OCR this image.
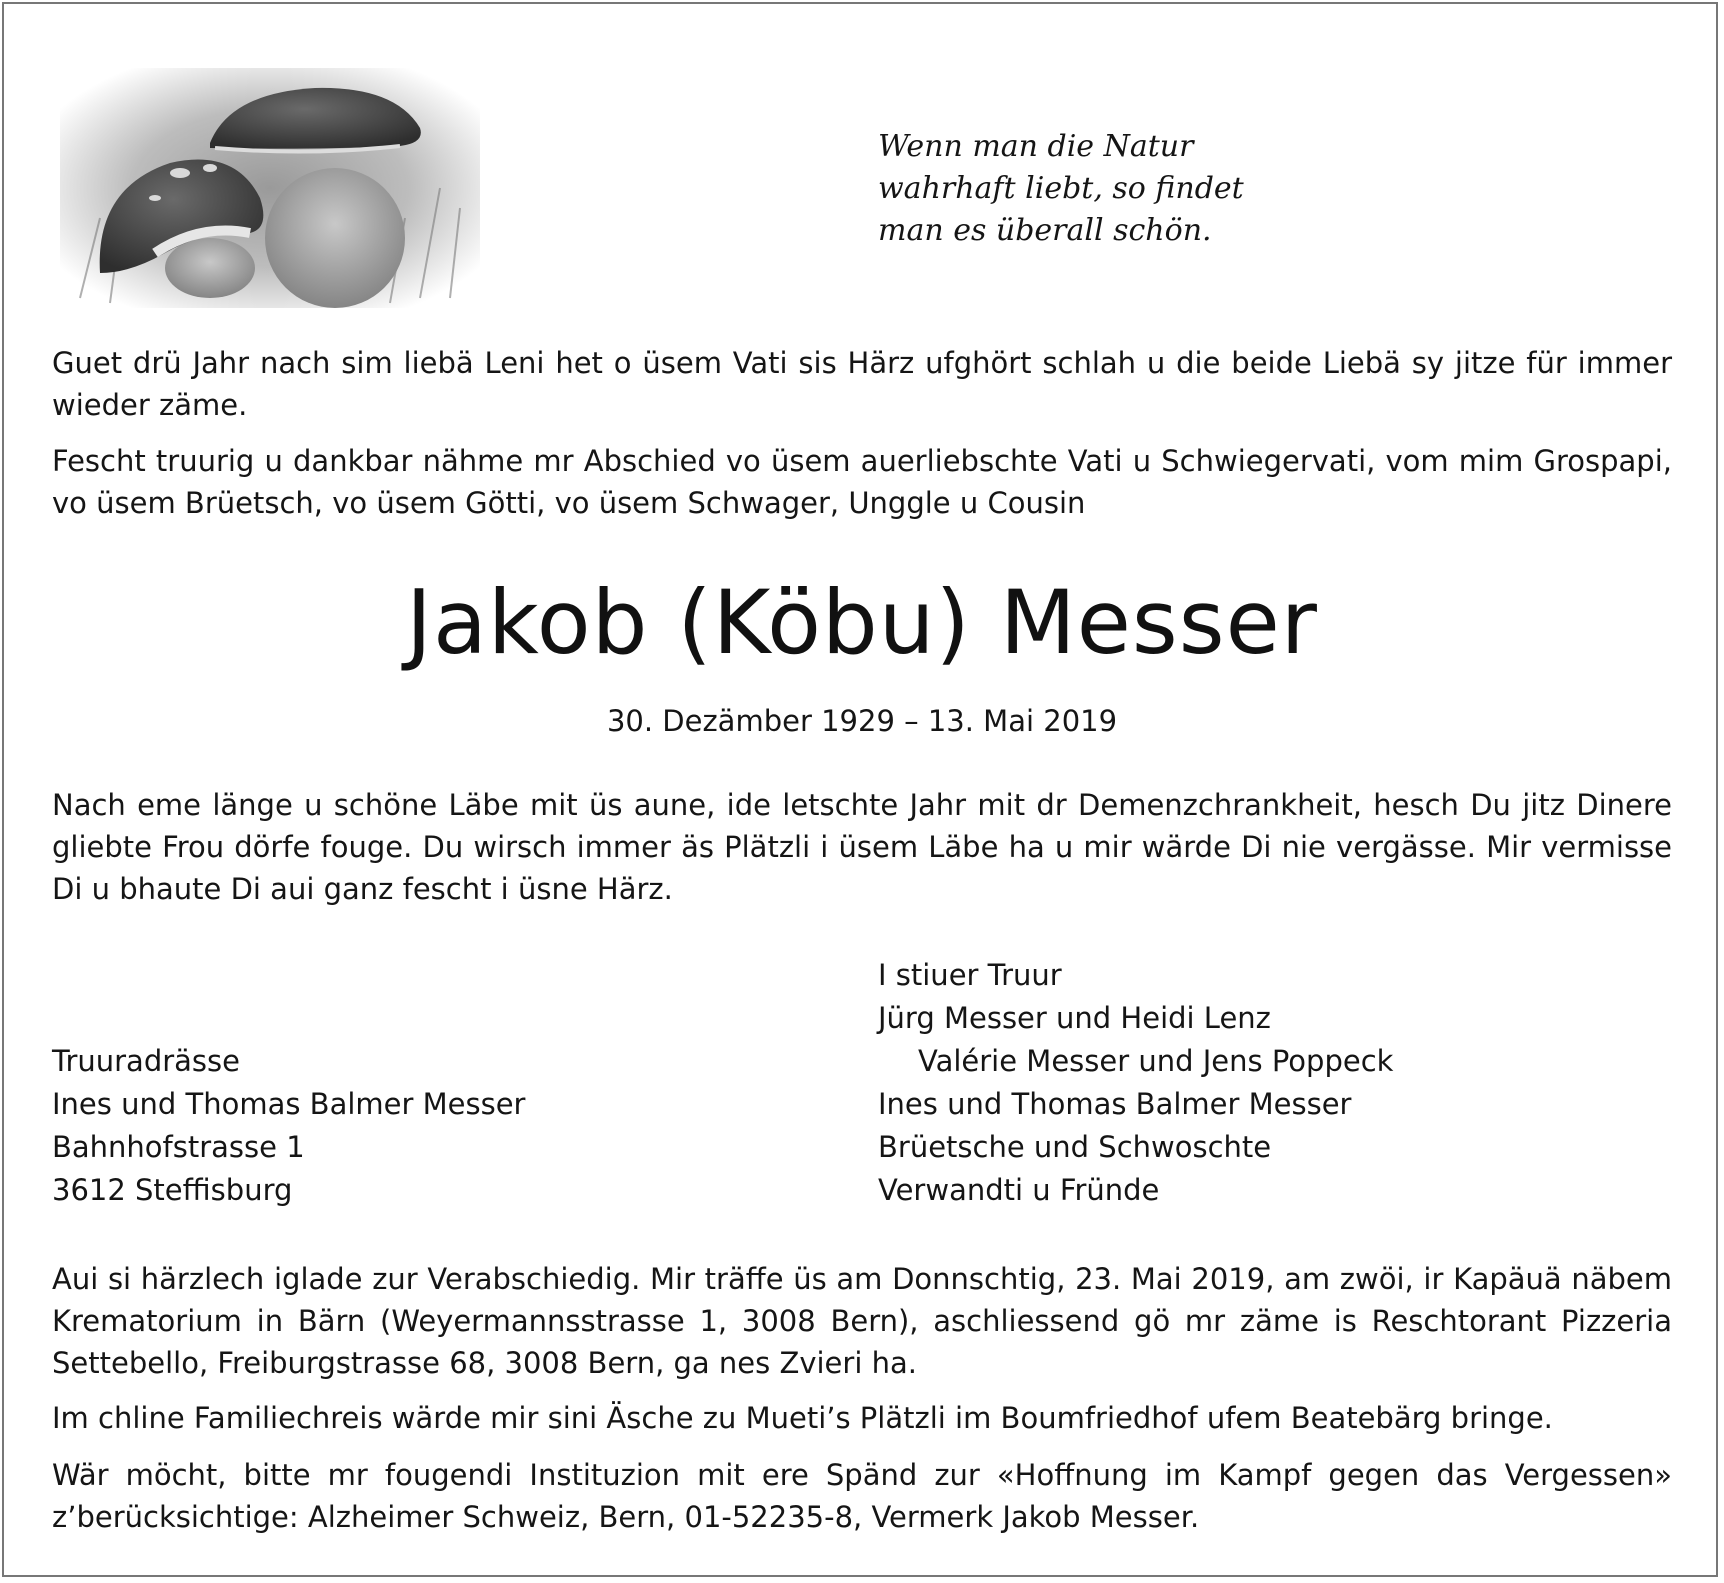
Wenn man die Natur
wahrhaft liebt, so findet
man es überall schön.
Guet drü Jahr nach sim liebä Leni het o üsem Vati sis Härz ufghört schlah u die beide Liebä sy jitze für immer wieder zäme.
Fescht truurig u dankbar nähme mr Abschied vo üsem auerliebschte Vati u Schwiegervati, vom mim Grospapi, vo üsem Brüetsch, vo üsem Götti, vo üsem Schwager, Unggle u Cousin
Jakob (Köbu) Messer
30. Dezämber 1929 – 13. Mai 2019
Nach eme länge u schöne Läbe mit üs aune, ide letschte Jahr mit dr Demenzchrankheit, hesch Du jitz Dinere gliebte Frou dörfe fouge. Du wirsch immer äs Plätzli i üsem Läbe ha u mir wärde Di nie vergässe. Mir vermisse Di u bhaute Di aui ganz fescht i üsne Härz.
Truuradrässe
Ines und Thomas Balmer Messer
Bahnhofstrasse 1
3612 Steffisburg
I stiuer Truur
Jürg Messer und Heidi Lenz
Valérie Messer und Jens Poppeck
Ines und Thomas Balmer Messer
Brüetsche und Schwoschte
Verwandti u Fründe
Aui si härzlech iglade zur Verabschiedig. Mir träffe üs am Donnschtig, 23. Mai 2019, am zwöi, ir Kapäuä näbem Krematorium in Bärn (Weyermannsstrasse 1, 3008 Bern), aschliessend gö mr zäme is Reschtorant Pizzeria Settebello, Freiburgstrasse 68, 3008 Bern, ga nes Zvieri ha.
Im chline Familiechreis wärde mir sini Äsche zu Mueti’s Plätzli im Boumfriedhof ufem Beatebärg bringe.
Wär möcht, bitte mr fougendi Instituzion mit ere Spänd zur «Hoffnung im Kampf gegen das Vergessen» z’berücksichtige: Alzheimer Schweiz, Bern, 01-52235-8, Vermerk Jakob Messer.
